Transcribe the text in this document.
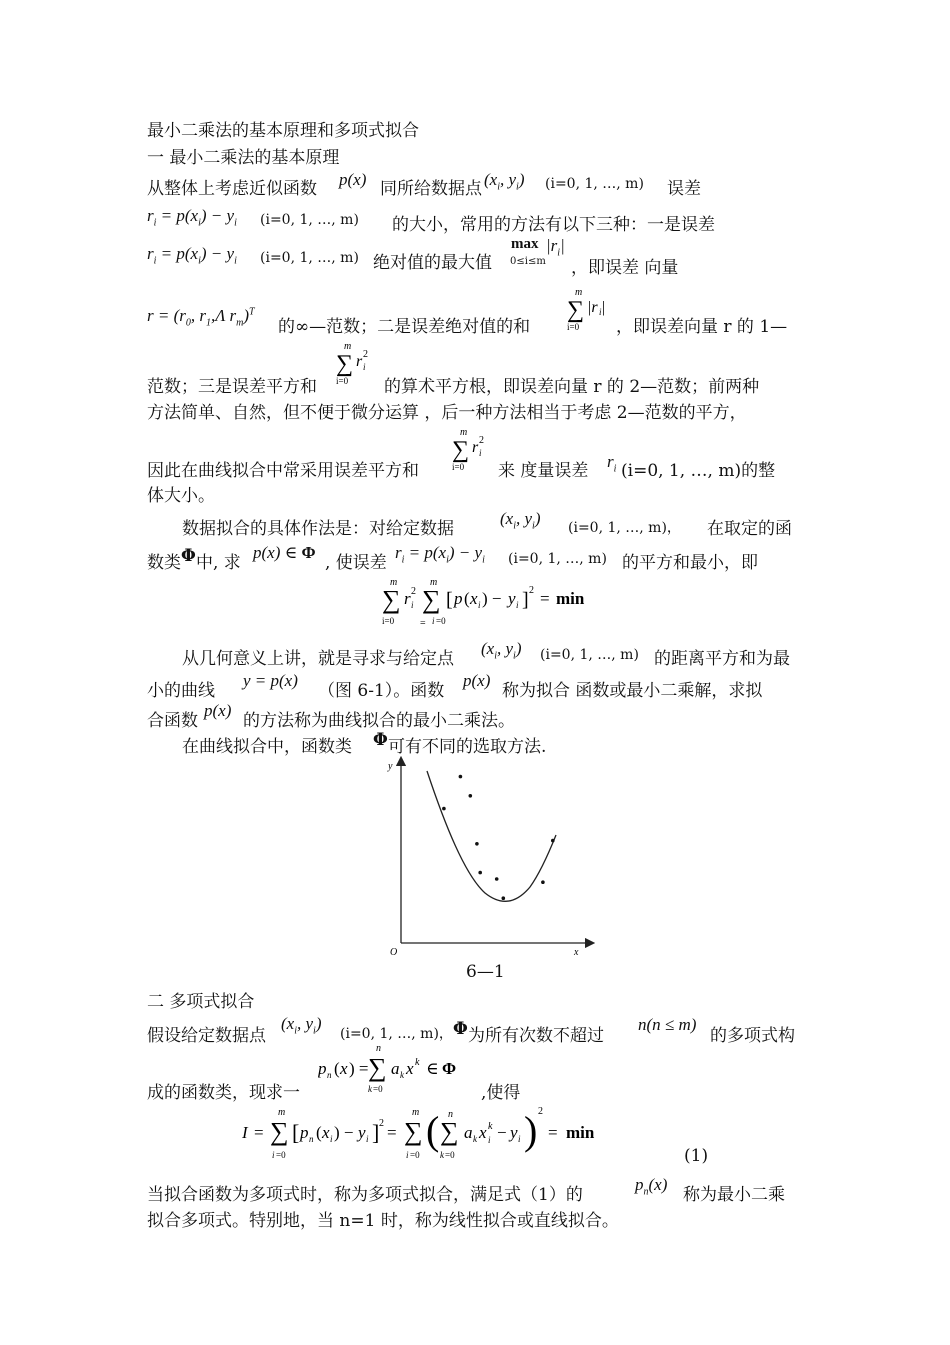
最小二乘法的基本原理和多项式拟合
一 最小二乘法的基本原理
从整体上考虑近似函数 p(x) 同所给数据点 ($x_i$, $y_i$) (i=0, 1, …, m) 误差
$r_i = p(x_i) - y_i$ (i=0, 1, …, m) 的大小，常用的方法有以下三种：一是误差
$r_i = p(x_i) - y_i$ (i=0, 1, …, m) 绝对值的最大值
$\max |r_i|$
0≤i≤m ，即误差 向量
$r = (r_0$, $r_1,\Lambda$ $r_m)^T$
的∞—范数；二是误差绝对值的和
m
∑ |r i |
i=0 ，即误差向量 r 的 1—
范数；三是误差平方和
m
∑ r 2
i
i=0 的算术平方根，即误差向量 r 的 2—范数；前两种
方法简单、自然，但不便于微分运算 ，后一种方法相当于考虑 2—范数的平方，
m
∑ r 2
i
i=0
因此在曲线拟合中常采用误差平方和	来 度量误差 $r_i$ (i=0, 1, …, m)的整
体大小。
数据拟合的具体作法是：对给定数据
($x_i$, $y_i$) (i=0, 1, …, m)， 在取定的函
数类 Φ 中, 求
p(x) ∈ Φ
, 使误差
$r_i = p(x_i) - y_i$ (i=0, 1, …, m) 的平方和最小，即
m
∑ r 2
i
i=0
m
∑
= i =0
[ p ( x i ) − y i ] 2 = min
从几何意义上讲，就是寻求与给定点
($x_i$, $y_i$) (i=0, 1, …, m) 的距离平方和为最
小的曲线
y = p(x)
（图 6-1）。函数
p(x)
称为拟合 函数或最小二乘解，求拟
合函数
p(x)
的方法称为曲线拟合的最小二乘法。
在曲线拟合中，函数类 Φ 可有不同的选取方法.
y
x
O
6—1
二 多项式拟合
假设给定数据点
($x_i$, $y_i$)
(i=0, 1, …, m)， Φ 为所有次数不超过
n(n ≤ m)
的多项式构
成的函数类，现求一
p n ( x ) =
n
∑
k =0
a k x k ∈ Φ
,使得
I =
m
∑
i =0
[ p n ( x i ) − y i ] 2 =
m
∑
i =0
( n
∑
k =0
a k x k
i − y i ) 2
= min
(1)
当拟合函数为多项式时，称为多项式拟合，满足式（1）的
$p_n(x)$
称为最小二乘
拟合多项式。特别地，当 n=1 时，称为线性拟合或直线拟合。
